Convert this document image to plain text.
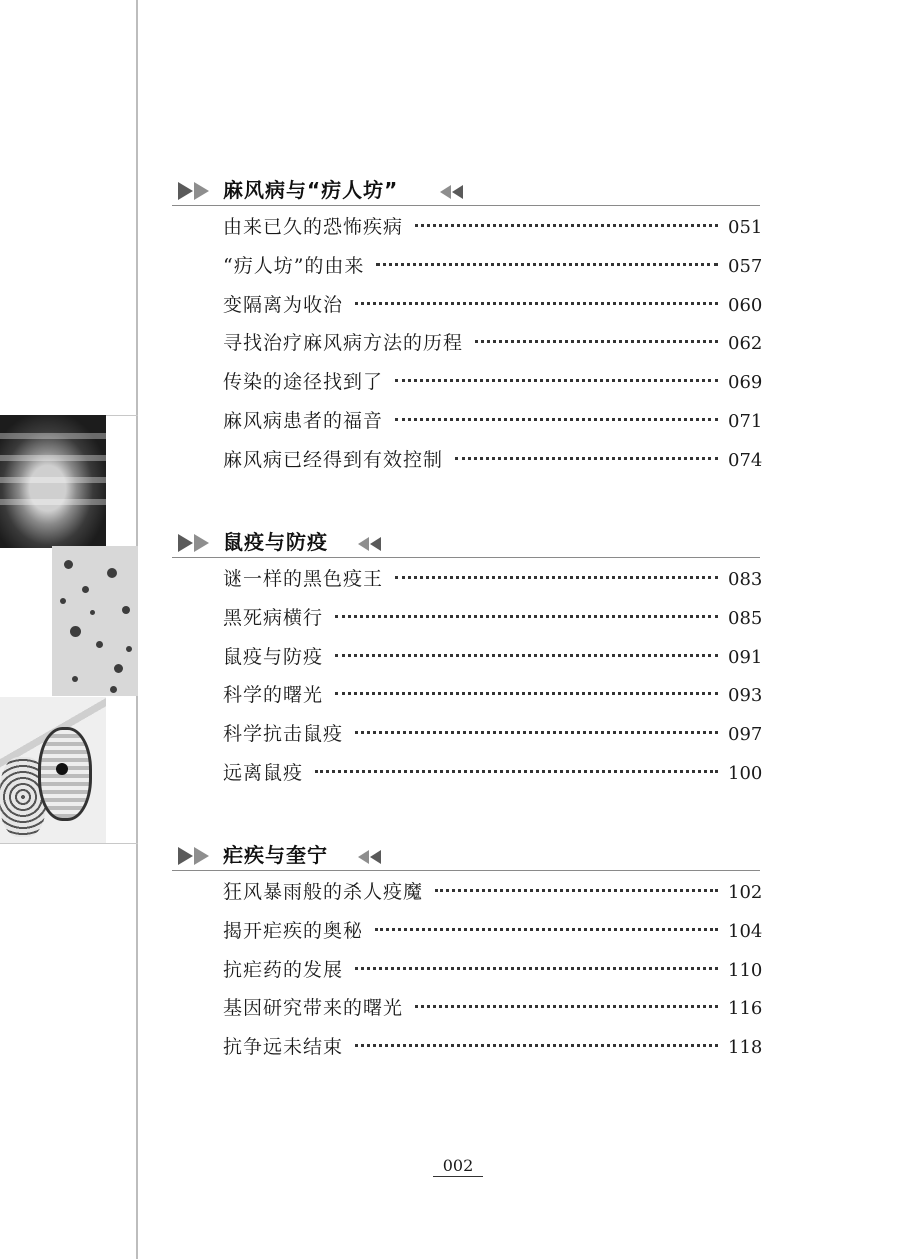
麻风病与“疠人坊”
由来已久的恐怖疾病	051
“疠人坊”的由来	057
变隔离为收治	060
寻找治疗麻风病方法的历程	062
传染的途径找到了	069
麻风病患者的福音	071
麻风病已经得到有效控制	074
鼠疫与防疫
谜一样的黑色疫王	083
黑死病横行	085
鼠疫与防疫	091
科学的曙光	093
科学抗击鼠疫	097
远离鼠疫	100
疟疾与奎宁
狂风暴雨般的杀人疫魔	102
揭开疟疾的奥秘	104
抗疟药的发展	110
基因研究带来的曙光	116
抗争远未结束	118
002
